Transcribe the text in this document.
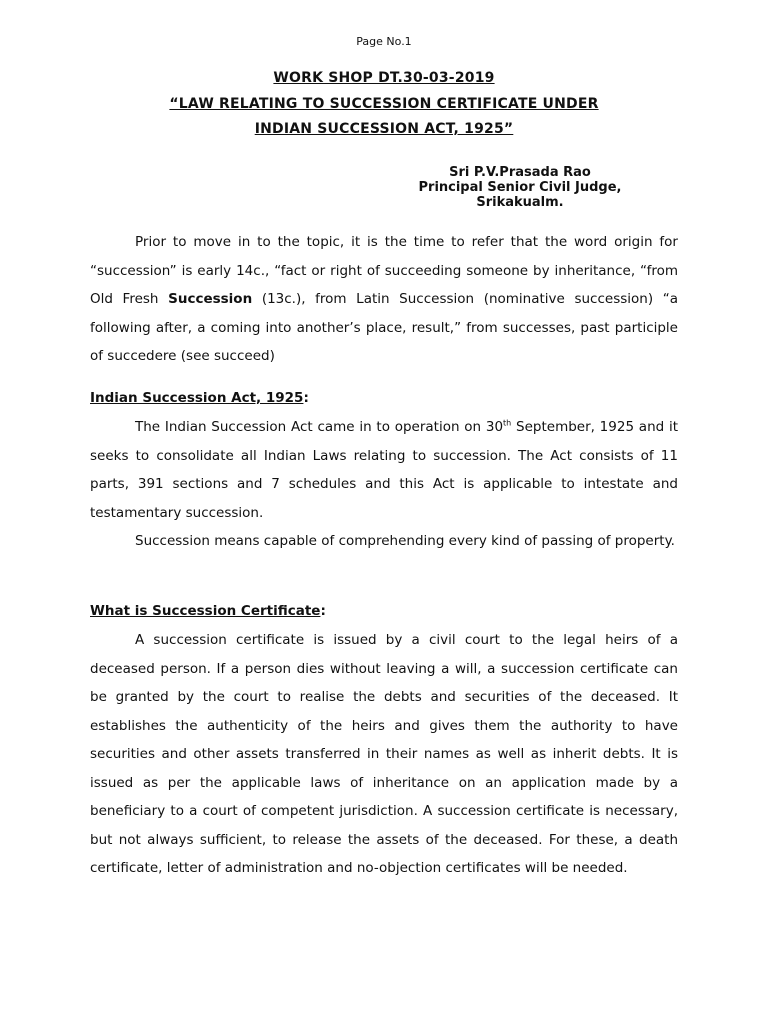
Page No.1
WORK SHOP DT.30-03-2019
“LAW RELATING TO SUCCESSION CERTIFICATE UNDER
INDIAN SUCCESSION ACT, 1925”
Sri P.V.Prasada Rao
Principal Senior Civil Judge,
Srikakualm.
Prior to move in to the topic, it is the time to refer that the word origin for “succession” is early 14c., “fact or right of succeeding someone by inheritance, “from Old Fresh Succession (13c.), from Latin Succession (nominative succession) “a following after, a coming into another’s place, result,” from successes, past participle of succedere (see succeed)
Indian Succession Act, 1925:
The Indian Succession Act came in to operation on 30th September, 1925 and it seeks to consolidate all Indian Laws relating to succession. The Act consists of 11 parts, 391 sections and 7 schedules and this Act is applicable to intestate and testamentary succession.
Succession means capable of comprehending every kind of passing of property.
What is Succession Certificate:
A succession certificate is issued by a civil court to the legal heirs of a deceased person. If a person dies without leaving a will, a succession certificate can be granted by the court to realise the debts and securities of the deceased. It establishes the authenticity of the heirs and gives them the authority to have securities and other assets transferred in their names as well as inherit debts. It is issued as per the applicable laws of inheritance on an application made by a beneficiary to a court of competent jurisdiction. A succession certificate is necessary, but not always sufficient, to release the assets of the deceased. For these, a death certificate, letter of administration and no-objection certificates will be needed.
